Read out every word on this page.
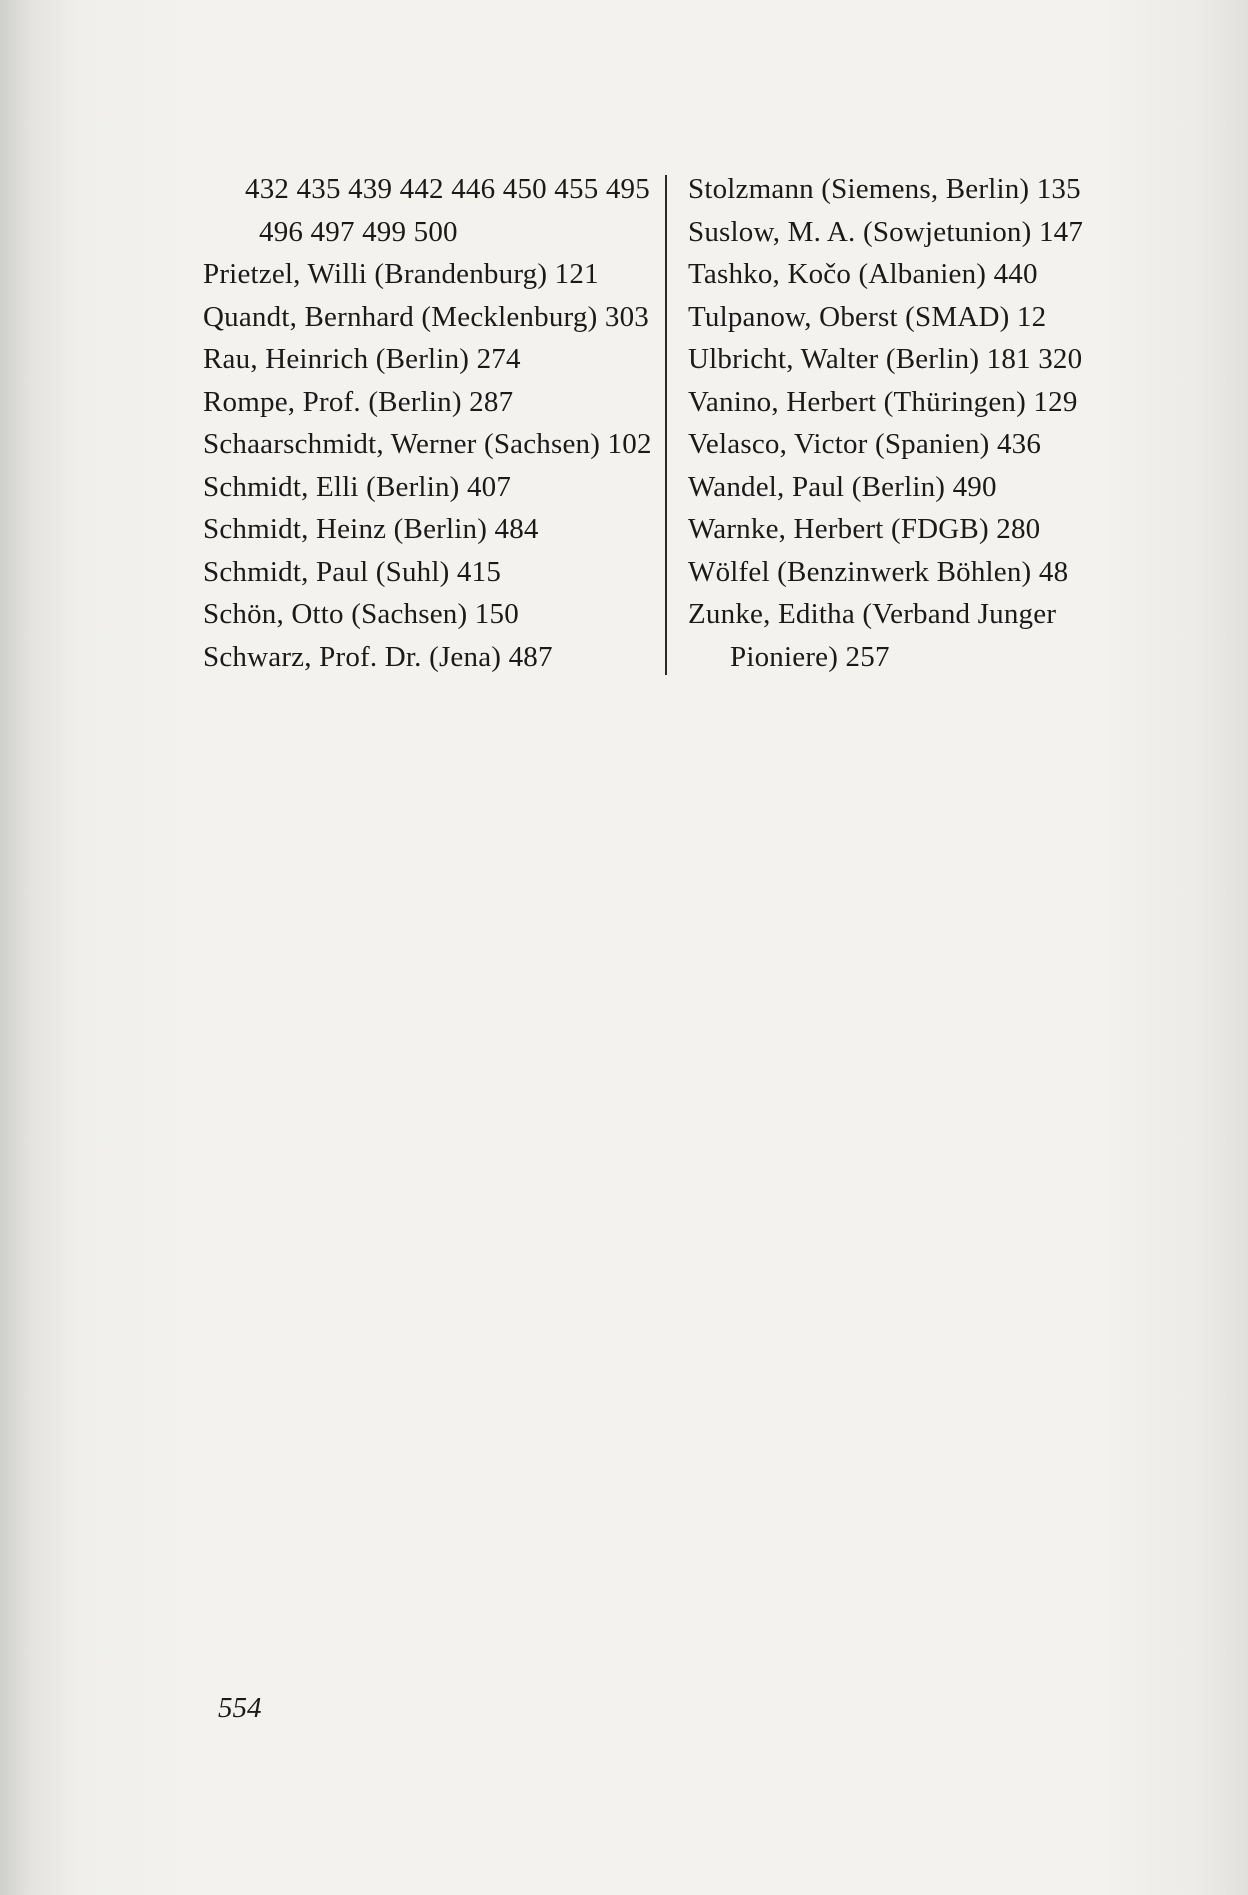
432 435 439 442 446 450 455 495
496 497 499 500
Prietzel, Willi (Brandenburg) 121
Quandt, Bernhard (Mecklenburg) 303
Rau, Heinrich (Berlin) 274
Rompe, Prof. (Berlin) 287
Schaarschmidt, Werner (Sachsen) 102
Schmidt, Elli (Berlin) 407
Schmidt, Heinz (Berlin) 484
Schmidt, Paul (Suhl) 415
Schön, Otto (Sachsen) 150
Schwarz, Prof. Dr. (Jena) 487
Stolzmann (Siemens, Berlin) 135
Suslow, M. A. (Sowjetunion) 147
Tashko, Kočo (Albanien) 440
Tulpanow, Oberst (SMAD) 12
Ulbricht, Walter (Berlin) 181 320
Vanino, Herbert (Thüringen) 129
Velasco, Victor (Spanien) 436
Wandel, Paul (Berlin) 490
Warnke, Herbert (FDGB) 280
Wölfel (Benzinwerk Böhlen) 48
Zunke, Editha (Verband Junger
Pioniere) 257
554
